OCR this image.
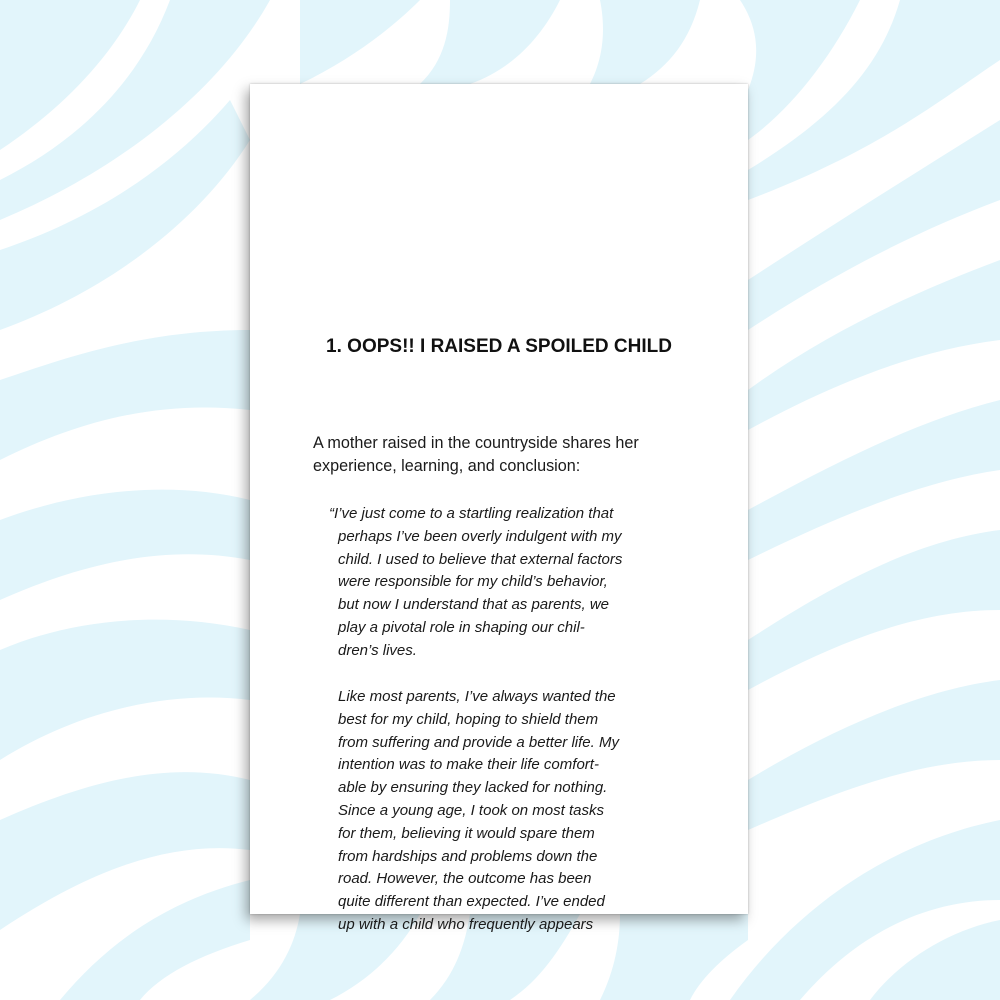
1. OOPS!! I RAISED A SPOILED CHILD

A mother raised in the countryside shares her experience, learning, and conclusion:

“I’ve just come to a startling realization that
perhaps I’ve been overly indulgent with my
child. I used to believe that external factors
were responsible for my child’s behavior,
but now I understand that as parents, we
play a pivotal role in shaping our chil-
dren’s lives.
Like most parents, I’ve always wanted the
best for my child, hoping to shield them
from suffering and provide a better life. My
intention was to make their life comfort-
able by ensuring they lacked for nothing.
Since a young age, I took on most tasks
for them, believing it would spare them
from hardships and problems down the
road. However, the outcome has been
quite different than expected. I’ve ended
up with a child who frequently appears
